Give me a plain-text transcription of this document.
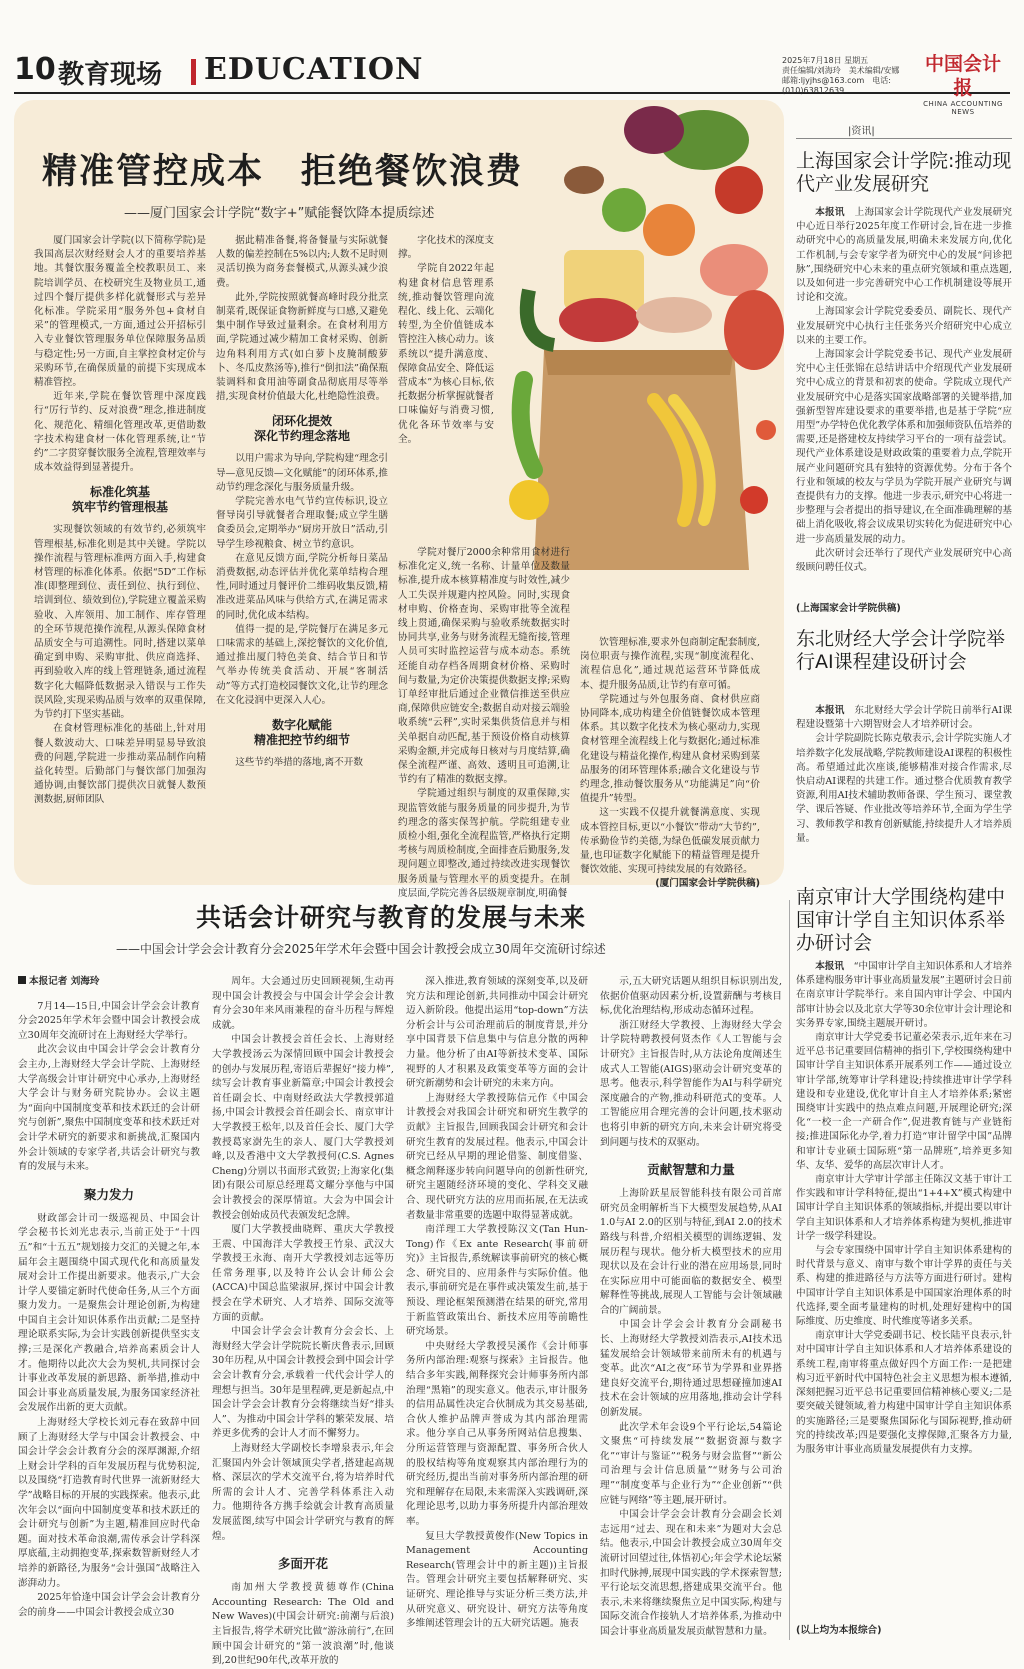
10 教育现场 EDUCATION	2025年7月18日 星期五
责任编辑/刘海玲　美术编辑/安娜
邮箱:ljyjhs@163.com　电话:(010)63812639
中国会计报
CHINA ACCOUNTING NEWS
精准管控成本　拒绝餐饮浪费
——厦门国家会计学院“数字+”赋能餐饮降本提质综述

厦门国家会计学院(以下简称学院)是我国高层次财经财会人才的重要培养基地。其餐饮服务覆盖全校教职员工、来院培训学员、在校研究生及物业员工,通过四个餐厅提供多样化就餐形式与差异化标准。学院采用“服务外包+食材自采”的管理模式,一方面,通过公开招标引入专业餐饮管理服务单位保障服务品质与稳定性;另一方面,自主掌控食材定价与采购环节,在确保质量的前提下实现成本精准管控。

近年来,学院在餐饮管理中深度践行“厉行节约、反对浪费”理念,推进制度化、规范化、精细化管理改革,更借助数字技术构建食材一体化管理系统,让“节约”二字贯穿餐饮服务全流程,管理效率与成本效益得到显著提升。

标准化筑基
筑牢节约管理根基

实现餐饮领域的有效节约,必须筑牢管理根基,标准化则是其中关键。学院以操作流程与管理标准两方面入手,构建食材管理的标准化体系。依据“5D”工作标准(即整理到位、责任到位、执行到位、培训到位、绩效到位),学院建立覆盖采购验收、入库领用、加工制作、库存管理的全环节规范操作流程,从源头保障食材品质安全与可追溯性。同时,搭建以菜单确定到申购、采购审批、供应商选择、再到验收入库的线上管理链条,通过流程数字化大幅降低数据录入错误与工作失误风险,实现采购品质与效率的双重保障,为节约打下坚实基础。

在食材管理标准化的基础上,针对用餐人数波动大、口味差异明显易导致浪费的问题,学院进一步推动菜品制作向精益化转型。后勤部门与餐饮部门加强沟通协调,由餐饮部门提供次日就餐人数预测数据,厨师团队

据此精准备餐,将备餐量与实际就餐人数的偏差控制在5%以内;人数不足时则灵活切换为商务套餐模式,从源头减少浪费。

此外,学院按照就餐高峰时段分批烹制菜肴,既保证食物新鲜度与口感,又避免集中制作导致过量剩余。在食材利用方面,学院通过减少精加工食材采购、创新边角料利用方式(如白萝卜皮腌制酸萝卜、冬瓜皮熬汤等),推行“倒扣法”确保瓶装调料和食用油等副食品彻底用尽等举措,实现食材价值最大化,杜绝隐性浪费。

闭环化提效
深化节约理念落地

以用户需求为导向,学院构建“理念引导—意见反馈—文化赋能”的闭环体系,推动节约理念深化与服务质量升级。

学院完善水电气节约宣传标识,设立督导岗引导就餐者合理取餐;成立学生膳食委员会,定期举办“厨房开放日”活动,引导学生珍视粮食、树立节约意识。

在意见反馈方面,学院分析每日菜品消费数据,动态评估并优化菜单结构合理性,同时通过月餐评价二维码收集反馈,精准改进菜品风味与供给方式,在满足需求的同时,优化成本结构。

值得一提的是,学院餐厅在满足多元口味需求的基础上,深挖餐饮的文化价值,通过推出厦门特色美食、结合节日和节气举办传统美食活动、开展“客制活动”等方式打造校园餐饮文化,让节约理念在文化浸润中更深入人心。

数字化赋能
精准把控节约细节

这些节约举措的落地,离不开数

字化技术的深度支撑。

学院自2022年起构建食材信息管理系统,推动餐饮管理向流程化、线上化、云端化转型,为全价值链成本管控注入核心动力。该系统以“提升满意度、保障食品安全、降低运营成本”为核心目标,依托数据分析掌握就餐者口味偏好与消费习惯,优化各环节效率与安全。

学院对餐厅2000余种常用食材进行标准化定义,统一名称、计量单位及数量标准,提升成本核算精准度与时效性,减少人工失误并规避内控风险。同时,实现食材申购、价格查询、采购审批等全流程线上贯通,确保采购与验收系统数据实时协同共享,业务与财务流程无缝衔接,管理人员可实时监控运营与成本动态。系统还能自动存档各周期食材价格、采购时间与数量,为定价决策提供数据支撑;采购订单经审批后通过企业微信推送至供应商,保障供应链安全;数据自动对接云端验收系统“云秤”,实时采集供货信息并与相关单据自动匹配,基于预设价格自动核算采购金额,并完成每日核对与月度结算,确保全流程严谨、高效、透明且可追溯,让节约有了精准的数据支撑。

学院通过组织与制度的双重保障,实现监管效能与服务质量的同步提升,为节约理念的落实保驾护航。学院组建专业质检小组,强化全流程监管,严格执行定期考核与周质检制度,全面排查后勤服务,发现问题立即整改,通过持续改进实现餐饮服务质量与管理水平的质变提升。在制度层面,学院完善各层级规章制度,明确餐

饮管理标准,要求外包商制定配套制度,岗位职责与操作流程,实现“制度流程化、流程信息化”,通过规范运营环节降低成本、提升服务品质,让节约有章可循。

学院通过与外包服务商、食材供应商协同降本,成功构建全价值链餐饮成本管理体系。其以数字化技术为核心驱动力,实现食材管理全流程线上化与数据化;通过标准化建设与精益化操作,构建从食材采购到菜品服务的闭环管理体系;融合文化建设与节约理念,推动餐饮服务从“功能满足”向“价值提升”转型。

这一实践不仅提升就餐满意度、实现成本管控目标,更以“小餐饮”带动“大节约”,传承勤俭节约美德,为绿色低碳发展贡献力量,也印证数字化赋能下的精益管理是提升餐饮效能、实现可持续发展的有效路径。

(厦门国家会计学院供稿)
|资讯|
上海国家会计学院:推动现代产业发展研究

本报讯　 上海国家会计学院现代产业发展研究中心近日举行2025年度工作研讨会,旨在进一步推动研究中心的高质量发展,明确未来发展方向,优化工作机制,与会专家学者为研究中心的发展“问诊把脉”,围绕研究中心未来的重点研究领域和重点选题,以及如何进一步完善研究中心工作机制建设等展开讨论和交流。

上海国家会计学院党委委员、副院长、现代产业发展研究中心执行主任张务兴介绍研究中心成立以来的主要工作。

上海国家会计学院党委书记、现代产业发展研究中心主任张锦在总结讲话中介绍现代产业发展研究中心成立的背景和初衷的使命。学院成立现代产业发展研究中心是落实国家战略部署的关键举措,加强新型智库建设要求的重要举措,也是基于学院“应用型”办学特色优化教学体系和加强师资队伍培养的需要,还是搭建校友持续学习平台的一项有益尝试。现代产业体系建设是财政政策的重要着力点,学院开展产业问题研究具有独特的资源优势。分布于各个行业和领域的校友与学员为学院开展产业研究与调查提供有力的支撑。他进一步表示,研究中心将进一步整理与会者提出的指导建议,在全面准确理解的基础上消化吸收,将会议成果切实转化为促进研究中心进一步高质量发展的动力。

此次研讨会还举行了现代产业发展研究中心高级顾问聘任仪式。

(上海国家会计学院供稿)
东北财经大学会计学院举行AI课程建设研讨会

本报讯　 东北财经大学会计学院日前举行AI课程建设暨第十六期智财会人才培养研讨会。

会计学院副院长陈克敬表示,会计学院实施人才培养数字化发展战略,学院教师建设AI课程的积极性高。希望通过此次座谈,能够精准对接合作需求,尽快启动AI课程的共建工作。通过整合优质教育教学资源,利用AI技术辅助教师备课、学生预习、课堂教学、课后答疑、作业批改等培养环节,全面为学生学习、教师教学和教育创新赋能,持续提升人才培养质量。

南京审计大学围绕构建中国审计学自主知识体系举办研讨会

本报讯　 “中国审计学自主知识体系和人才培养体系建构服务审计事业高质量发展”主题研讨会日前在南京审计学院举行。来自国内审计学会、中国内部审计协会以及北京大学等30余位审计会计理论和实务界专家,围绕主题展开研讨。

南京审计大学党委书记董必荣表示,近年来在习近平总书记重要回信精神的指引下,学校围绕构建中国审计学自主知识体系开展系列工作——通过设立审计学部,统筹审计学科建设;持续推进审计学学科建设和专业建设,优化审计自主人才培养体系;紧密围绕审计实践中的热点难点问题,开展理论研究;深化“一校一企一产研合作”,促进教育链与产业链衔接;推进国际化办学,着力打造“审计留学中国”品牌和审计专业硕士国际班“第一品牌班”,培养更多知华、友华、爱华的高层次审计人才。

南京审计大学审计学部主任陈汉文基于审计工作实践和审计学科特征,提出“1+4+X”模式构建中国审计学自主知识体系的领域指标,并提出要以审计学自主知识体系和人才培养体系构建为契机,推进审计学一级学科建设。

与会专家围绕中国审计学自主知识体系建构的时代背景与意义、南审与数个审计学界的责任与关系、构建的推进路径与方法等方面进行研讨。建构中国审计学自主知识体系是中国国家治理体系的时代选择,要全面考量建构的时机,处理好建构中的国际维度、历史维度、时代维度等诸多关系。

南京审计大学党委副书记、校长陆平良表示,针对中国审计学自主知识体系和人才培养体系建设的系统工程,南审将重点做好四个方面工作:一是把建构习近平新时代中国特色社会主义思想为根本遵循,深刻把握习近平总书记重要回信精神核心要义;二是要突破关键领域,着力构建中国审计学自主知识体系的实施路径;三是要聚焦国际化与国际视野,推动研究的持续改革;四是要强化支撑保障,汇聚各方力量,为服务审计事业高质量发展提供有力支撑。

(以上均为本报综合)
共话会计研究与教育的发展与未来
——中国会计学会会计教育分会2025年学术年会暨中国会计教授会成立30周年交流研讨综述

本报记者 刘海玲

7月14—15日,中国会计学会会计教育分会2025年学术年会暨中国会计教授会成立30周年交流研讨在上海财经大学举行。

此次会议由中国会计学会会计教育分会主办,上海财经大学会计学院、上海财经大学高级会计审计研究中心承办,上海财经大学会计与财务研究院协办。会议主题为“面向中国制度变革和技术跃迁的会计研究与创新”,聚焦中国制度变革和技术跃迁对会计学术研究的新要求和新挑战,汇聚国内外会计领域的专家学者,共话会计研究与教育的发展与未来。

聚力发力

财政部会计司一级巡视员、中国会计学会秘书长刘光忠表示,当前正处于“十四五”和“十五五”规划接力交汇的关键之年,本届年会主题围绕中国式现代化和高质量发展对会计工作提出新要求。他表示,广大会计学人要锚定新时代使命任务,从三个方面聚力发力。一是聚焦会计理论创新,为构建中国自主会计知识体系作出贡献;二是坚持理论联系实际,为会计实践创新提供坚实支撑;三是深化产教融合,培养高素质会计人才。他期待以此次大会为契机,共同探讨会计事业改革发展的新思路、新举措,推动中国会计事业高质量发展,为服务国家经济社会发展作出新的更大贡献。

上海财经大学校长刘元春在致辞中回顾了上海财经大学与中国会计教授会、中国会计学会会计教育分会的深厚渊源,介绍上财会计学科的百年发展历程与优势积淀,以及围绕“打造教育时代世界一流新财经大学”战略目标的开展的实践探索。他表示,此次年会以“面向中国制度变革和技术跃迁的会计研究与创新”为主题,精准回应时代命题。面对技术革命浪潮,需传承会计学科深厚底蕴,主动拥抱变革,探索数智新财经人才培养的新路径,为服务“会计强国”战略注入澎湃动力。

2025年恰逢中国会计学会会计教育分会的前身——中国会计教授会成立30

周年。大会通过历史回顾视频,生动再现中国会计教授会与中国会计学会会计教育分会30年来风雨兼程的奋斗历程与辉煌成就。

中国会计教授会首任会长、上海财经大学教授汤云为深情回顾中国会计教授会的创办与发展历程,寄语后辈握好“接力棒”,续写会计教育事业新篇章;中国会计教授会首任副会长、中南财经政法大学教授郭道扬,中国会计教授会首任副会长、南京审计大学教授王松年,以及首任会长、厦门大学教授葛家澍先生的亲人、厦门大学教授刘峰,以及香港中文大学教授何(C.S. Agnes Cheng)分别以书面形式致贺;上海家化(集团)有限公司原总经理葛文耀分享他与中国会计教授会的深厚情谊。大会为中国会计教授会创始成员代表颁发纪念牌。

厦门大学教授曲晓辉、重庆大学教授王震、中国海洋大学教授王竹泉、武汉大学教授王永海、南开大学教授刘志远等历任常务理事,以及特许公认会计师公会(ACCA)中国总监梁淑屏,探讨中国会计教授会在学术研究、人才培养、国际交流等方面的贡献。

中国会计学会会计教育分会会长、上海财经大学会计学院院长靳庆鲁表示,回顾30年历程,从中国会计教授会到中国会计学会会计教育分会,承载着一代代会计学人的理想与担当。30年是里程碑,更是新起点,中国会计学会会计教育分会将继续当好“排头人”、为推动中国会计学科的繁荣发展、培养更多优秀的会计人才而不懈努力。

上海财经大学副校长李增泉表示,年会汇聚国内外会计领域顶尖学者,搭建起高规格、深层次的学术交流平台,将为培养时代所需的会计人才、完善学科体系注入动力。他期待各方携手绘就会计教育高质量发展蓝图,续写中国会计学研究与教育的辉煌。

多面开花

南加州大学教授黄德尊作(China Accounting Research: The Old and New Waves)(中国会计研究:前潮与后浪)主旨报告,将学术研究比做“游泳前行”,在回顾中国会计研究的“第一波浪潮”时,他谈到,20世纪90年代,改革开放的

深入推进,教育领域的深刻变革,以及研究方法和理论创新,共同推动中国会计研究迈入新阶段。他提出运用“top-down”方法分析会计与公司治理前后的制度背景,并分享中国背景下信息集中与信息分散的两种力量。他分析了由AI等新技术变革、国际视野的人才积累及政策变革等方面的会计研究新潮势和会计研究的未来方向。

上海财经大学教授陈信元作《中国会计教授会对我国会计研究和研究生教学的贡献》主旨报告,回顾我国会计研究和会计研究生教育的发展过程。他表示,中国会计研究已经从早期的理论借鉴、制度借鉴、概念阐释逐步转向问题导向的创新性研究,研究主题随经济环境的变化、学科交叉融合、现代研究方法的应用而拓展,在无法或者数量非常重要的选题中取得显著成就。

南洋理工大学教授陈汉文(Tan Hun-Tong)作《Ex ante Research(事前研究)》主旨报告,系统解读事前研究的核心概念、研究目的、应用条件与实际价值。他表示,事前研究是在事件或决策发生前,基于预设、理论框架预测潜在结果的研究,常用于新监管政策出台、新技术应用等前瞻性研究场景。

中央财经大学教授吴溪作《会计师事务所内部治理:观察与探索》主旨报告。他结合多年实践,阐释探究会计师事务所内部治理“黑箱”的现实意义。他表示,审计服务的信用品属性决定合伙制成为其交易基础,合伙人维护品牌声誉成为其内部治理需求。他分享自己从事务所网站信息搜集、分所运营管理与资源配置、事务所合伙人的股权结构等角度观察其内部治理行为的研究经历,提出当前对事务所内部治理的研究和理解存在局限,未来需深入实践调研,深化理论思考,以助力事务所提升内部治理效率。

复旦大学教授黄俊作(New Topics in Management Accounting Research(管理会计中的新主题))主旨报告。管理会计研究主要包括解释研究、实证研究、理论推导与实证分析三类方法,并从研究意义、研究设计、研究方法等角度多维阐述管理会计的五大研究话题。施表

示,五大研究话题从组织目标识别出发,依据价值驱动因素分析,设置薪酬与考核目标,优化治理结构,形成动态循环过程。

浙江财经大学教授、上海财经大学会计学院特聘教授何贤杰作《人工智能与会计研究》主旨报告时,从方法论角度阐述生成式人工智能(AIGS)驱动会计研究变革的思考。他表示,科学智能作为AI与科学研究深度融合的产物,推动科研范式的变革。人工智能应用合理完善的会计问题,技术驱动也将引申新的研究方向,未来会计研究将受到问题与技术的双驱动。

贡献智慧和力量

上海阶跃星辰智能科技有限公司首席研究员金明解析当下大模型发展趋势,从AI 1.0与AI 2.0的区别与特征,到AI 2.0的技术路线与科普,介绍相关模型的训练逻辑、发展历程与现状。他分析大模型技术的应用现状以及在会计行业的潜在应用场景,同时在实际应用中可能面临的数据安全、模型解释性等挑战,展现人工智能与会计领域融合的广阔前景。

中国会计学会会计教育分会副秘书长、上海财经大学教授刘浩表示,AI技术迅猛发展给会计领域带来前所未有的机遇与变革。此次“AI之夜”环节为学界和业界搭建良好交流平台,期待通过思想碰撞加速AI技术在会计领域的应用落地,推动会计学科创新发展。

此次学术年会设9个平行论坛,54篇论文聚焦“可持续发展”“数据资源与数字化”“审计与鉴证”“税务与财会监督”“新公司治理与会计信息质量”“财务与公司治理”“制度变革与企业行为”“企业创新”“供应链与网络”等主题,展开研讨。

中国会计学会会计教育分会副会长刘志远用“过去、现在和未来”为题对大会总结。他表示,中国会计教授会成立30周年交流研讨回望过往,体悟初心;年会学术论坛紧扣时代脉搏,展现中国实践的学术探索智慧;平行论坛交流思想,搭建成果交流平台。他表示,未来将继续聚焦立足中国实际,构建与国际交流合作接轨人才培养体系,为推动中国会计事业高质量发展贡献智慧和力量。
